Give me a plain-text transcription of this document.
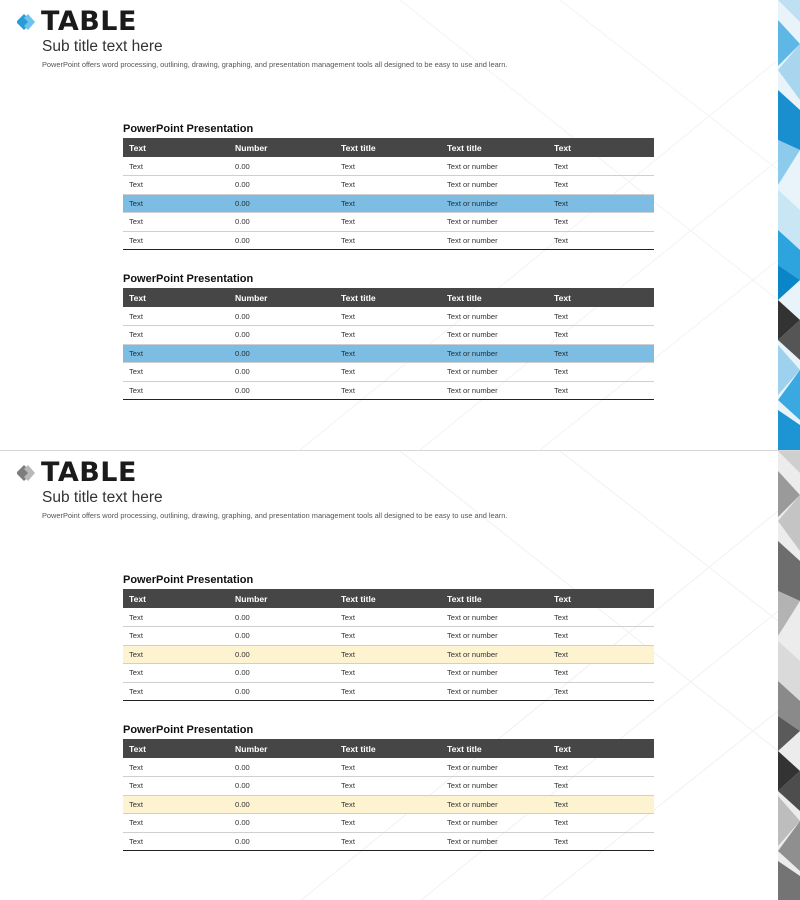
TABLE
Sub title text here
PowerPoint offers word processing, outlining, drawing, graphing, and presentation management tools all designed to be easy to use and learn.
PowerPoint Presentation
Text	Number	Text title	Text title	Text
Text	0.00	Text	Text or number	Text
Text	0.00	Text	Text or number	Text
Text	0.00	Text	Text or number	Text
Text	0.00	Text	Text or number	Text
Text	0.00	Text	Text or number	Text
PowerPoint Presentation
Text	Number	Text title	Text title	Text
Text	0.00	Text	Text or number	Text
Text	0.00	Text	Text or number	Text
Text	0.00	Text	Text or number	Text
Text	0.00	Text	Text or number	Text
Text	0.00	Text	Text or number	Text
TABLE
Sub title text here
PowerPoint offers word processing, outlining, drawing, graphing, and presentation management tools all designed to be easy to use and learn.
PowerPoint Presentation
Text	Number	Text title	Text title	Text
Text	0.00	Text	Text or number	Text
Text	0.00	Text	Text or number	Text
Text	0.00	Text	Text or number	Text
Text	0.00	Text	Text or number	Text
Text	0.00	Text	Text or number	Text
PowerPoint Presentation
Text	Number	Text title	Text title	Text
Text	0.00	Text	Text or number	Text
Text	0.00	Text	Text or number	Text
Text	0.00	Text	Text or number	Text
Text	0.00	Text	Text or number	Text
Text	0.00	Text	Text or number	Text
